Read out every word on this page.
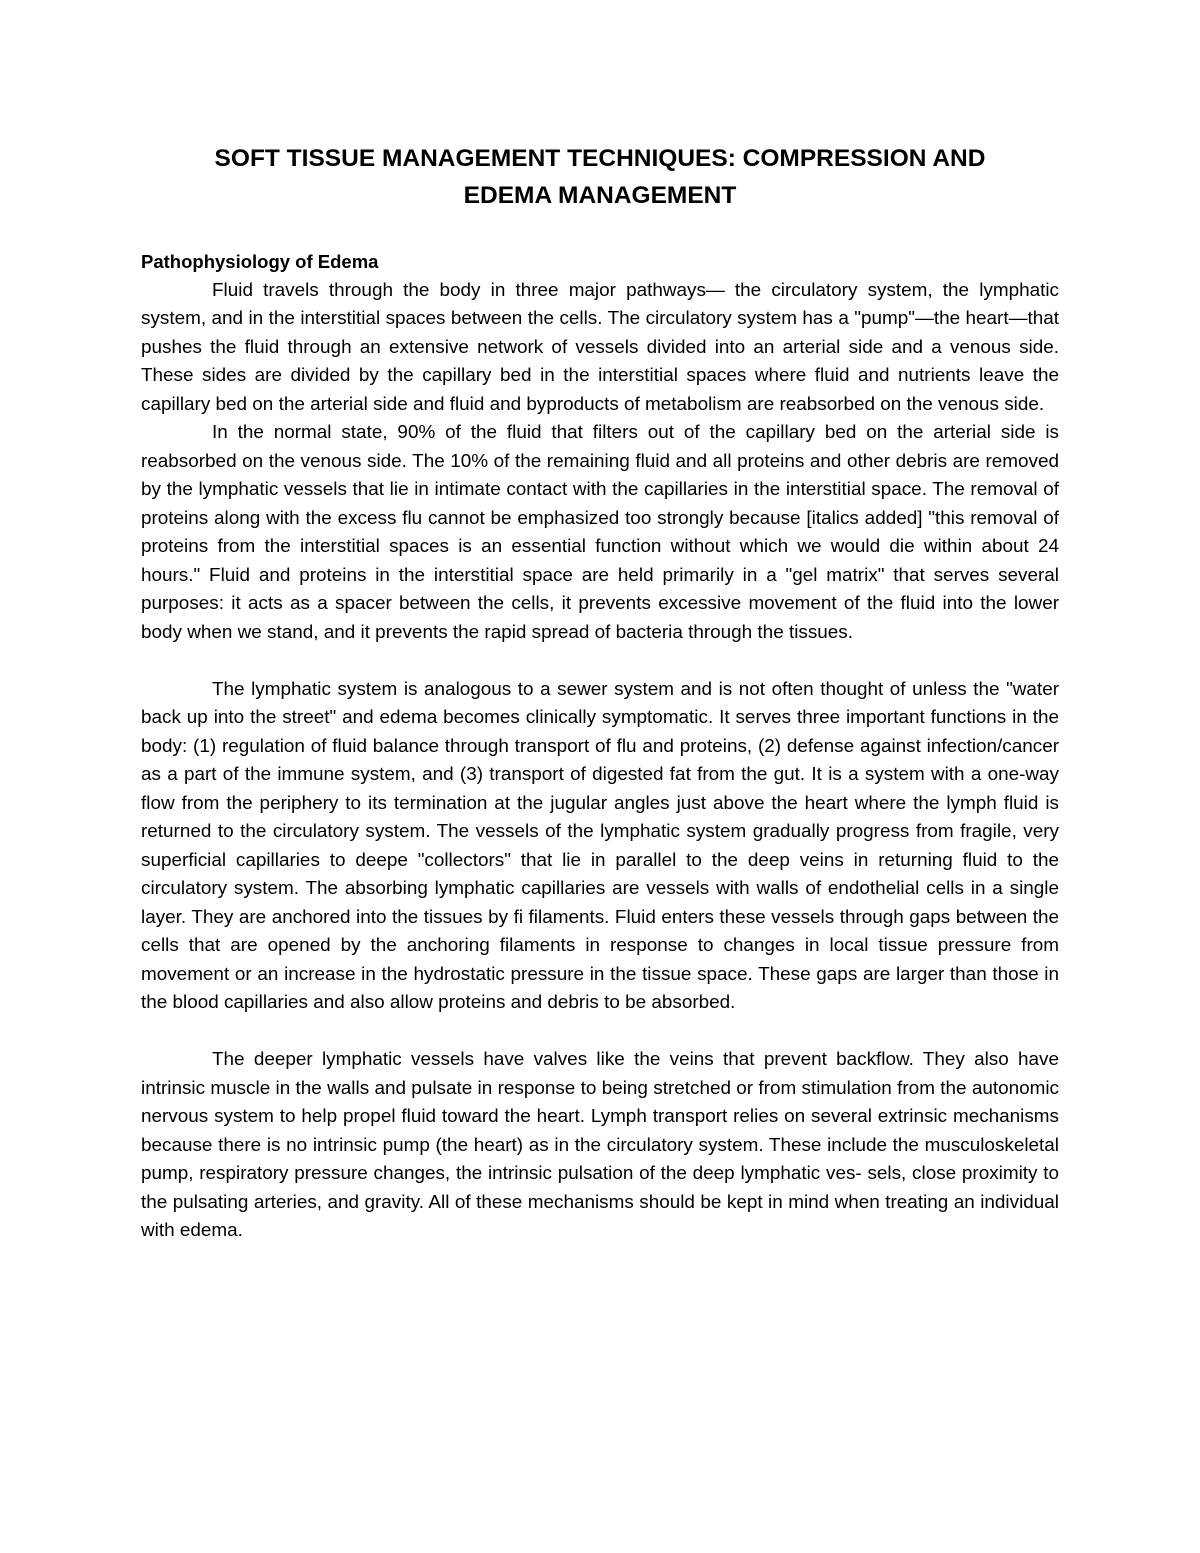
SOFT TISSUE MANAGEMENT TECHNIQUES: COMPRESSION AND
EDEMA MANAGEMENT
Pathophysiology of Edema

Fluid travels through the body in three major pathways— the circulatory system, the lymphatic system, and in the interstitial spaces between the cells. The circulatory system has a "pump"—the heart—that pushes the fluid through an extensive network of vessels divided into an arterial side and a venous side. These sides are divided by the capillary bed in the interstitial spaces where fluid and nutrients leave the capillary bed on the arterial side and fluid and byproducts of metabolism are reabsorbed on the venous side.

In the normal state, 90% of the fluid that filters out of the capillary bed on the arterial side is reabsorbed on the venous side. The 10% of the remaining fluid and all proteins and other debris are removed by the lymphatic vessels that lie in intimate contact with the capillaries in the interstitial space. The removal of proteins along with the excess flu cannot be emphasized too strongly because [italics added] "this removal of proteins from the interstitial spaces is an essential function without which we would die within about 24 hours." Fluid and proteins in the interstitial space are held primarily in a "gel matrix" that serves several purposes: it acts as a spacer between the cells, it prevents excessive movement of the fluid into the lower body when we stand, and it prevents the rapid spread of bacteria through the tissues.

The lymphatic system is analogous to a sewer system and is not often thought of unless the "water back up into the street" and edema becomes clinically symptomatic. It serves three important functions in the body: (1) regulation of fluid balance through transport of flu and proteins, (2) defense against infection/cancer as a part of the immune system, and (3) transport of digested fat from the gut. It is a system with a one-way flow from the periphery to its termination at the jugular angles just above the heart where the lymph fluid is returned to the circulatory system. The vessels of the lymphatic system gradually progress from fragile, very superficial capillaries to deepe "collectors" that lie in parallel to the deep veins in returning fluid to the circulatory system. The absorbing lymphatic capillaries are vessels with walls of endothelial cells in a single layer. They are anchored into the tissues by fi filaments. Fluid enters these vessels through gaps between the cells that are opened by the anchoring filaments in response to changes in local tissue pressure from movement or an increase in the hydrostatic pressure in the tissue space. These gaps are larger than those in the blood capillaries and also allow proteins and debris to be absorbed.

The deeper lymphatic vessels have valves like the veins that prevent backflow. They also have intrinsic muscle in the walls and pulsate in response to being stretched or from stimulation from the autonomic nervous system to help propel fluid toward the heart. Lymph transport relies on several extrinsic mechanisms because there is no intrinsic pump (the heart) as in the circulatory system. These include the musculoskeletal pump, respiratory pressure changes, the intrinsic pulsation of the deep lymphatic ves- sels, close proximity to the pulsating arteries, and gravity. All of these mechanisms should be kept in mind when treating an individual with edema.
